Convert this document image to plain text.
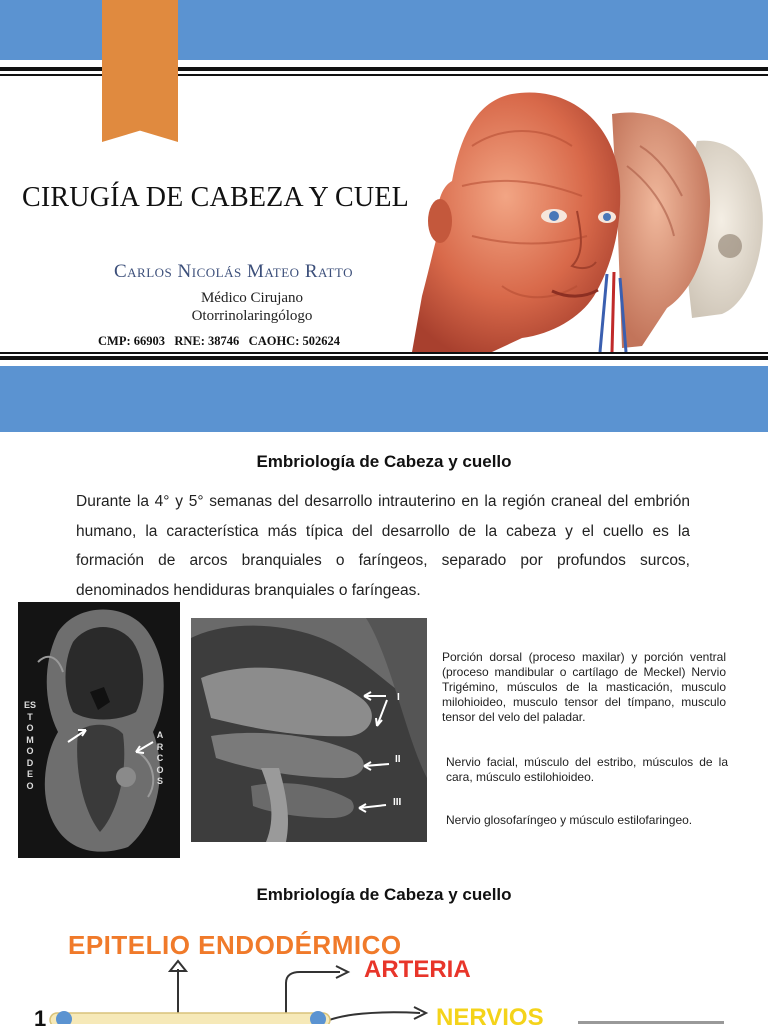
CIRUGÍA DE CABEZA Y CUEL
Carlos Nicolás Mateo Ratto
Médico Cirujano
Otorrinolaringólogo
CMP: 66903   RNE: 38746   CAOHC: 502624
Embriología de Cabeza y cuello
Durante la 4° y 5° semanas del desarrollo intrauterino en la región craneal del embrión humano, la característica más típica del desarrollo de la cabeza y el cuello es la formación de arcos branquiales o faríngeos, separado por profundos surcos, denominados hendiduras branquiales o faríngeas.
ESTOMODEO
ARCOS
I
II
III
Porción dorsal (proceso maxilar) y porción ventral (proceso mandibular o cartílago de Meckel) Nervio Trigémino, músculos de la masticación, musculo milohioideo, musculo tensor del tímpano, musculo tensor del velo del paladar.
Nervio facial, músculo del estribo, músculos de la cara, músculo estilohioideo.
Nervio glosofaríngeo y músculo estilofaringeo.
Embriología de Cabeza y cuello
EPITELIO ENDODÉRMICO
ARTERIA
NERVIOS
1
